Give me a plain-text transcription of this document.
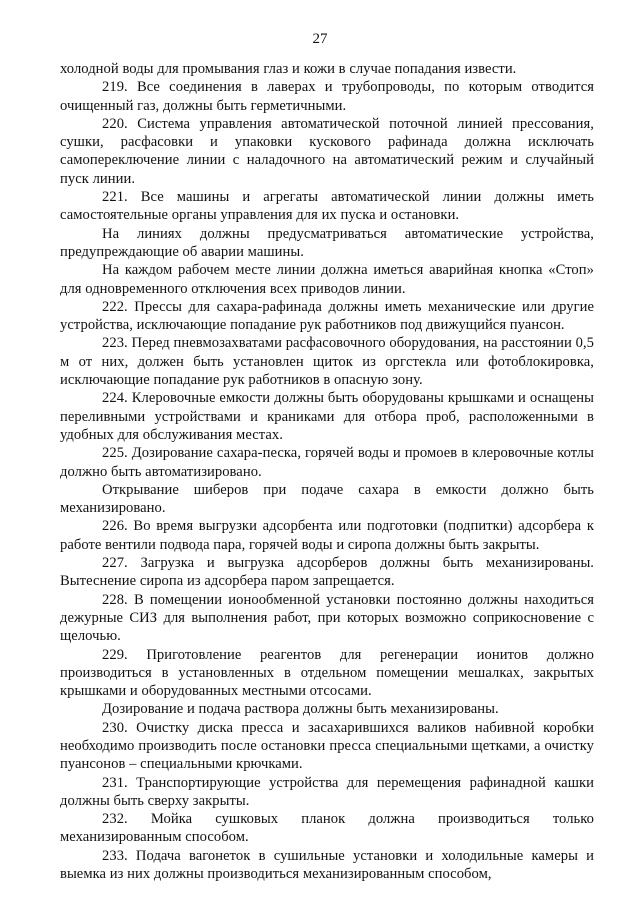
27

холодной воды для промывания глаз и кожи в случае попадания извести.

219. Все соединения в лаверах и трубопроводы, по которым отводится очищенный газ, должны быть герметичными.

220. Система управления автоматической поточной линией прессования, сушки, расфасовки и упаковки кускового рафинада должна исключать самопереключение линии с наладочного на автоматический режим и случайный пуск линии.

221. Все машины и агрегаты автоматической линии должны иметь самостоятельные органы управления для их пуска и остановки.

На линиях должны предусматриваться автоматические устройства, предупреждающие об аварии машины.

На каждом рабочем месте линии должна иметься аварийная кнопка «Стоп» для одновременного отключения всех приводов линии.

222. Прессы для сахара-рафинада должны иметь механические или другие устройства, исключающие попадание рук работников под движущийся пуансон.

223. Перед пневмозахватами расфасовочного оборудования, на расстоянии 0,5 м от них, должен быть установлен щиток из оргстекла или фотоблокировка, исключающие попадание рук работников в опасную зону.

224. Клеровочные емкости должны быть оборудованы крышками и оснащены переливными устройствами и краниками для отбора проб, расположенными в удобных для обслуживания местах.

225. Дозирование сахара-песка, горячей воды и промоев в клеровочные котлы должно быть автоматизировано.

Открывание шиберов при подаче сахара в емкости должно быть механизировано.

226. Во время выгрузки адсорбента или подготовки (подпитки) адсорбера к работе вентили подвода пара, горячей воды и сиропа должны быть закрыты.

227. Загрузка и выгрузка адсорберов должны быть механизированы. Вытеснение сиропа из адсорбера паром запрещается.

228. В помещении ионообменной установки постоянно должны находиться дежурные СИЗ для выполнения работ, при которых возможно соприкосновение с щелочью.

229. Приготовление реагентов для регенерации ионитов должно производиться в установленных в отдельном помещении мешалках, закрытых крышками и оборудованных местными отсосами.

Дозирование и подача раствора должны быть механизированы.

230. Очистку диска пресса и засахарившихся валиков набивной коробки необходимо производить после остановки пресса специальными щетками, а очистку пуансонов – специальными крючками.

231. Транспортирующие устройства для перемещения рафинадной кашки должны быть сверху закрыты.

232. Мойка сушковых планок должна производиться только механизированным способом.

233. Подача вагонеток в сушильные установки и холодильные камеры и выемка из них должны производиться механизированным способом,
